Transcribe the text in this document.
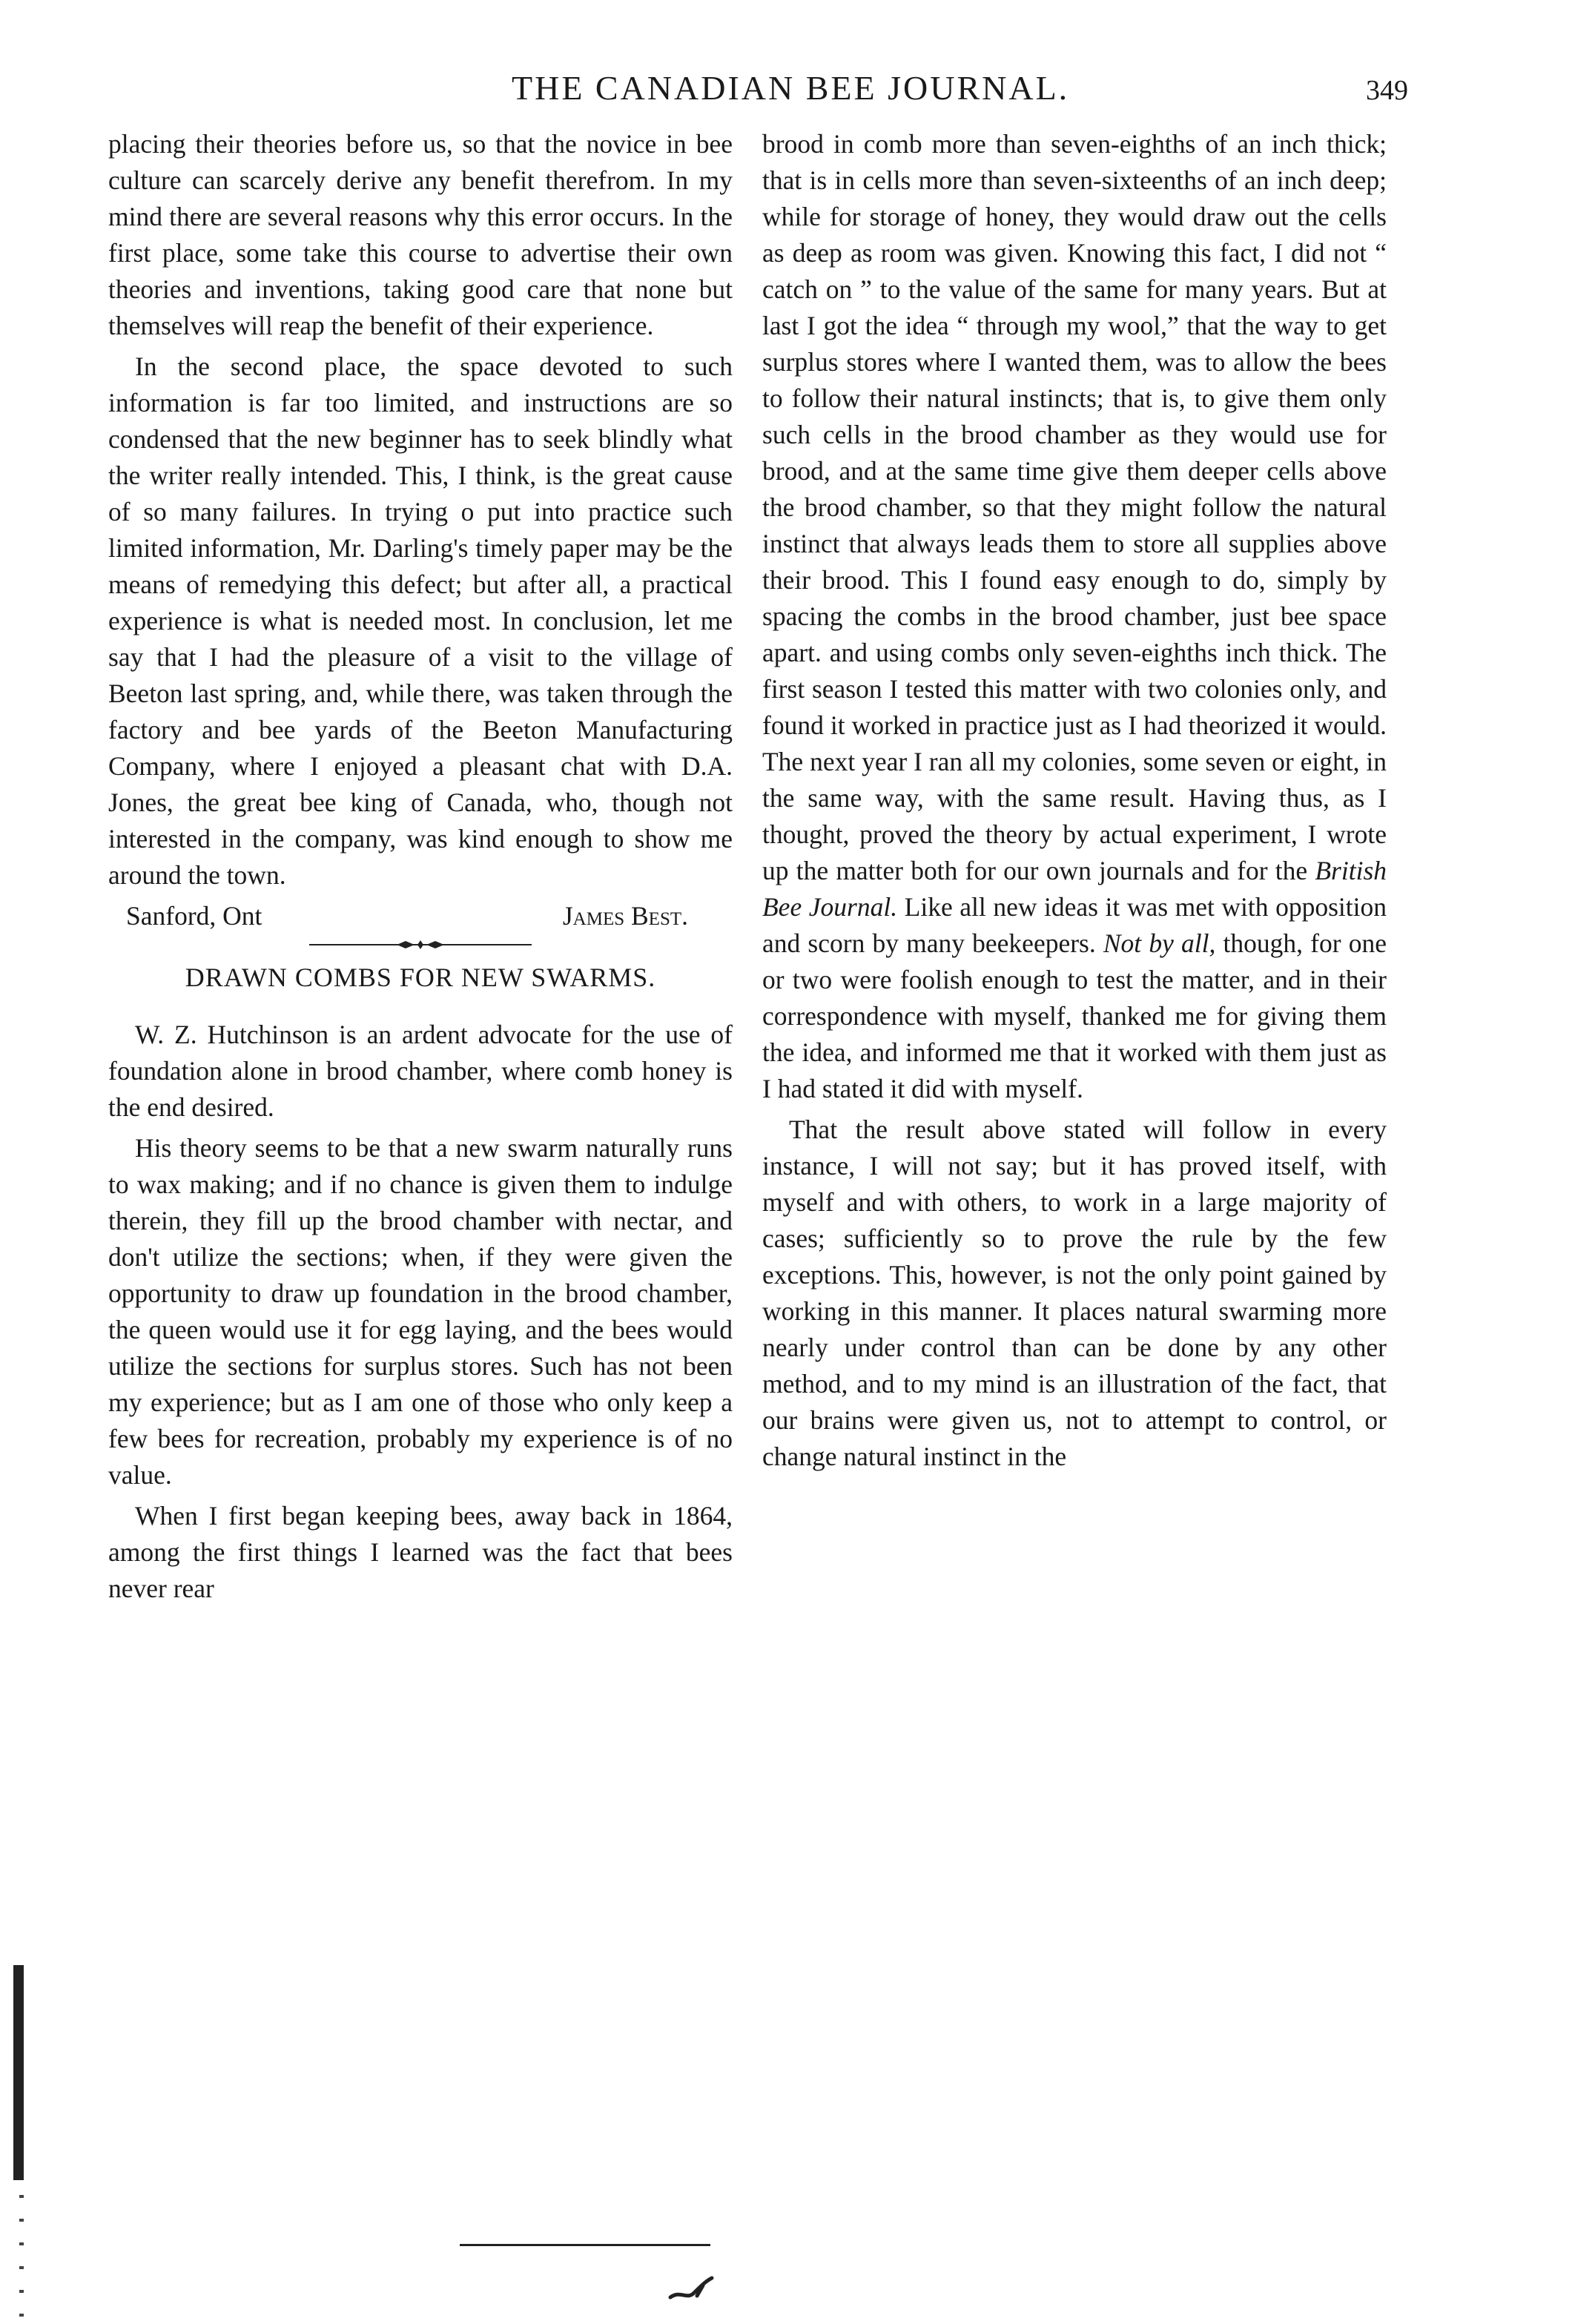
THE CANADIAN BEE JOURNAL.	349

placing their theories before us, so that the novice in bee culture can scarcely derive any benefit therefrom. In my mind there are several reasons why this error occurs. In the first place, some take this course to advertise their own theories and inventions, taking good care that none but themselves will reap the benefit of their experience.

In the second place, the space devoted to such information is far too limited, and instructions are so condensed that the new beginner has to seek blindly what the writer really intended. This, I think, is the great cause of so many failures. In trying o put into practice such limited information, Mr. Darling's timely paper may be the means of remedying this defect; but after all, a practical experience is what is needed most. In conclusion, let me say that I had the pleasure of a visit to the village of Beeton last spring, and, while there, was taken through the factory and bee yards of the Beeton Manufacturing Company, where I enjoyed a pleasant chat with D.A. Jones, the great bee king of Canada, who, though not interested in the company, was kind enough to show me around the town.

Sanford, Ont	James Best.

DRAWN COMBS FOR NEW SWARMS.

W. Z. Hutchinson is an ardent advocate for the use of foundation alone in brood chamber, where comb honey is the end desired.

His theory seems to be that a new swarm naturally runs to wax making; and if no chance is given them to indulge therein, they fill up the brood chamber with nectar, and don't utilize the sections; when, if they were given the opportunity to draw up foundation in the brood chamber, the queen would use it for egg laying, and the bees would utilize the sections for surplus stores. Such has not been my experience; but as I am one of those who only keep a few bees for recreation, probably my experience is of no value.

When I first began keeping bees, away back in 1864, among the first things I learned was the fact that bees never rear

brood in comb more than seven-eighths of an inch thick; that is in cells more than seven-sixteenths of an inch deep; while for storage of honey, they would draw out the cells as deep as room was given. Knowing this fact, I did not “ catch on ” to the value of the same for many years. But at last I got the idea “ through my wool,” that the way to get surplus stores where I wanted them, was to allow the bees to follow their natural instincts; that is, to give them only such cells in the brood chamber as they would use for brood, and at the same time give them deeper cells above the brood chamber, so that they might follow the natural instinct that always leads them to store all supplies above their brood. This I found easy enough to do, simply by spacing the combs in the brood chamber, just bee space apart. and using combs only seven-eighths inch thick. The first season I tested this matter with two colonies only, and found it worked in practice just as I had theorized it would. The next year I ran all my colonies, some seven or eight, in the same way, with the same result. Having thus, as I thought, proved the theory by actual experiment, I wrote up the matter both for our own journals and for the British Bee Journal. Like all new ideas it was met with opposition and scorn by many beekeepers. Not by all, though, for one or two were foolish enough to test the matter, and in their correspondence with myself, thanked me for giving them the idea, and informed me that it worked with them just as I had stated it did with myself.

That the result above stated will follow in every instance, I will not say; but it has proved itself, with myself and with others, to work in a large majority of cases; sufficiently so to prove the rule by the few exceptions. This, however, is not the only point gained by working in this manner. It places natural swarming more nearly under control than can be done by any other method, and to my mind is an illustration of the fact, that our brains were given us, not to attempt to control, or change natural instinct in the
